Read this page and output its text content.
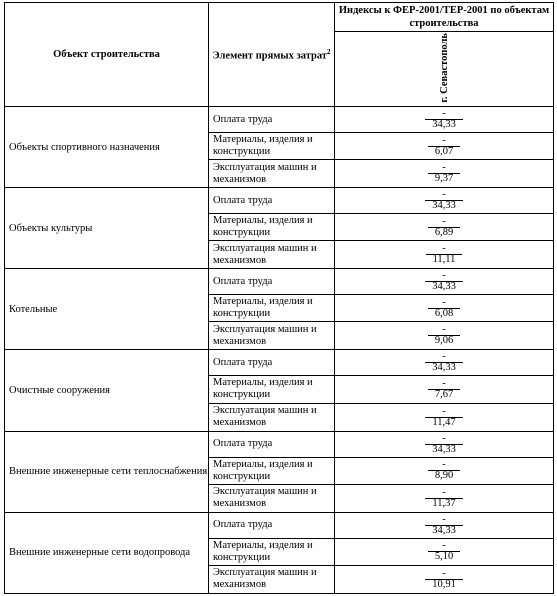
Объект строительства	Элемент прямых затрат$^2$	Индексы к ФЕР-2001/ТЕР-2001 по объектам строительства
		г. Севастополь
Объекты спортивного назначения	Оплата труда	$\frac{-}{34,33}$

	Материалы, изделия и конструкции	$\frac{-}{6,07}$

	Эксплуатация машин и механизмов	$\frac{-}{9,37}$

Объекты культуры	Оплата труда	$\frac{-}{34,33}$

	Материалы, изделия и конструкции	$\frac{-}{6,89}$

	Эксплуатация машин и механизмов	$\frac{-}{11,11}$

Котельные	Оплата труда	$\frac{-}{34,33}$

	Материалы, изделия и конструкции	$\frac{-}{6,08}$

	Эксплуатация машин и механизмов	$\frac{-}{9,06}$

Очистные сооружения	Оплата труда	$\frac{-}{34,33}$

	Материалы, изделия и конструкции	$\frac{-}{7,67}$

	Эксплуатация машин и механизмов	$\frac{-}{11,47}$

Внешние инженерные сети теплоснабжения	Оплата труда	$\frac{-}{34,33}$

	Материалы, изделия и конструкции	$\frac{-}{8,90}$

	Эксплуатация машин и механизмов	$\frac{-}{11,37}$

Внешние инженерные сети водопровода	Оплата труда	$\frac{-}{34,33}$

	Материалы, изделия и конструкции	$\frac{-}{5,10}$

	Эксплуатация машин и механизмов	$\frac{-}{10,91}$
